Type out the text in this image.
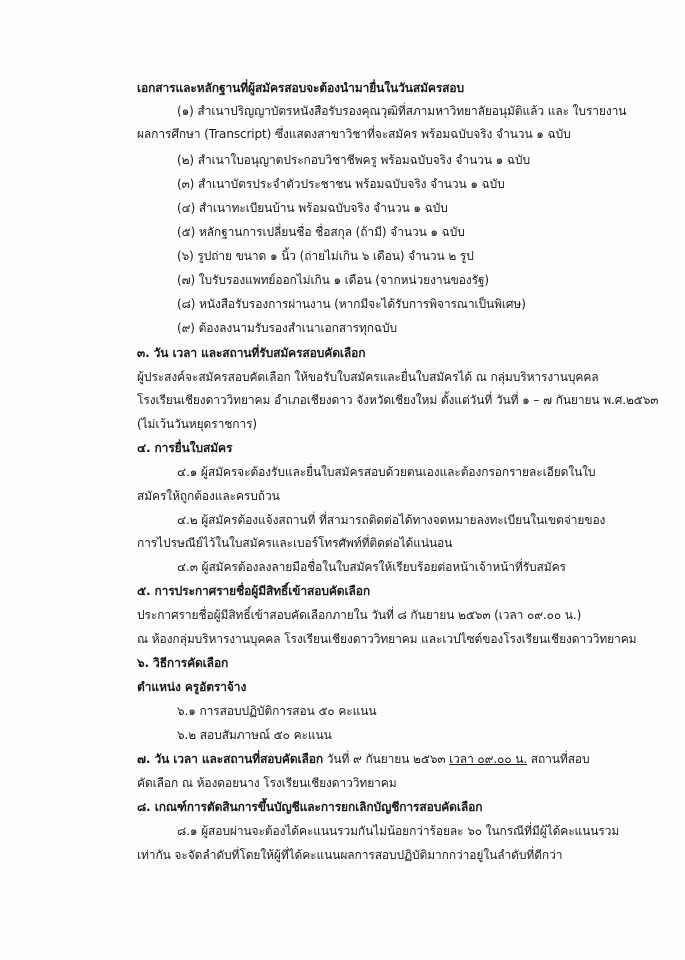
เอกสารและหลักฐานที่ผู้สมัครสอบจะต้องนำมายื่นในวันสมัครสอบ
(๑) สำเนาปริญญาบัตรหนังสือรับรองคุณวุฒิที่สภามหาวิทยาลัยอนุมัติแล้ว และ ใบรายงาน
ผลการศึกษา (Transcript) ซึ่งแสดงสาขาวิชาที่จะสมัคร พร้อมฉบับจริง จำนวน ๑ ฉบับ
(๒) สำเนาใบอนุญาตประกอบวิชาชีพครู พร้อมฉบับจริง จำนวน ๑ ฉบับ
(๓) สำเนาบัตรประจำตัวประชาชน พร้อมฉบับจริง จำนวน ๑ ฉบับ
(๔) สำเนาทะเบียนบ้าน พร้อมฉบับจริง จำนวน ๑ ฉบับ
(๕) หลักฐานการเปลี่ยนชื่อ ชื่อสกุล (ถ้ามี) จำนวน ๑ ฉบับ
(๖) รูปถ่าย ขนาด ๑ นิ้ว (ถ่ายไม่เกิน ๖ เดือน) จำนวน ๒ รูป
(๗) ใบรับรองแพทย์ออกไม่เกิน ๑ เดือน (จากหน่วยงานของรัฐ)
(๘) หนังสือรับรองการผ่านงาน (หากมีจะได้รับการพิจารณาเป็นพิเศษ)
(๙) ต้องลงนามรับรองสำเนาเอกสารทุกฉบับ
๓. วัน เวลา และสถานที่รับสมัครสอบคัดเลือก
ผู้ประสงค์จะสมัครสอบคัดเลือก ให้ขอรับใบสมัครและยื่นใบสมัครได้ ณ กลุ่มบริหารงานบุคคล
โรงเรียนเชียงดาววิทยาคม อำเภอเชียงดาว จังหวัดเชียงใหม่ ตั้งแต่วันที่ วันที่ ๑ – ๗ กันยายน พ.ศ.๒๕๖๓
(ไม่เว้นวันหยุดราชการ)
๔. การยื่นใบสมัคร
๔.๑ ผู้สมัครจะต้องรับและยื่นใบสมัครสอบด้วยตนเองและต้องกรอกรายละเอียดในใบ
สมัครให้ถูกต้องและครบถ้วน
๔.๒ ผู้สมัครต้องแจ้งสถานที่ ที่สามารถติดต่อได้ทางจดหมายลงทะเบียนในเขตจ่ายของ
การไปรษณีย์ไว้ในใบสมัครและเบอร์โทรศัพท์ที่ติดต่อได้แน่นอน
๔.๓ ผู้สมัครต้องลงลายมือชื่อในใบสมัครให้เรียบร้อยต่อหน้าเจ้าหน้าที่รับสมัคร
๕. การประกาศรายชื่อผู้มีสิทธิ์เข้าสอบคัดเลือก
ประกาศรายชื่อผู้มีสิทธิ์เข้าสอบคัดเลือกภายใน วันที่ ๘ กันยายน ๒๕๖๓ (เวลา ๐๙.๐๐ น.)
ณ ห้องกลุ่มบริหารงานบุคคล โรงเรียนเชียงดาววิทยาคม และเวปไซต์ของโรงเรียนเชียงดาววิทยาคม
๖. วิธีการคัดเลือก
ตำแหน่ง ครูอัตราจ้าง
๖.๑ การสอบปฏิบัติการสอน ๕๐ คะแนน
๖.๒ สอบสัมภาษณ์ ๕๐ คะแนน
๗. วัน เวลา และสถานที่สอบคัดเลือก วันที่ ๙ กันยายน ๒๕๖๓ เวลา ๐๙.๐๐ น. สถานที่สอบ
คัดเลือก ณ ห้องดอยนาง โรงเรียนเชียงดาววิทยาคม
๘. เกณฑ์การตัดสินการขึ้นบัญชีและการยกเลิกบัญชีการสอบคัดเลือก
๘.๑ ผู้สอบผ่านจะต้องได้คะแนนรวมกันไม่น้อยกว่าร้อยละ ๖๐ ในกรณีที่มีผู้ได้คะแนนรวม
เท่ากัน จะจัดลำดับที่โดยให้ผู้ที่ได้คะแนนผลการสอบปฏิบัติมากกว่าอยู่ในลำดับที่ดีกว่า
